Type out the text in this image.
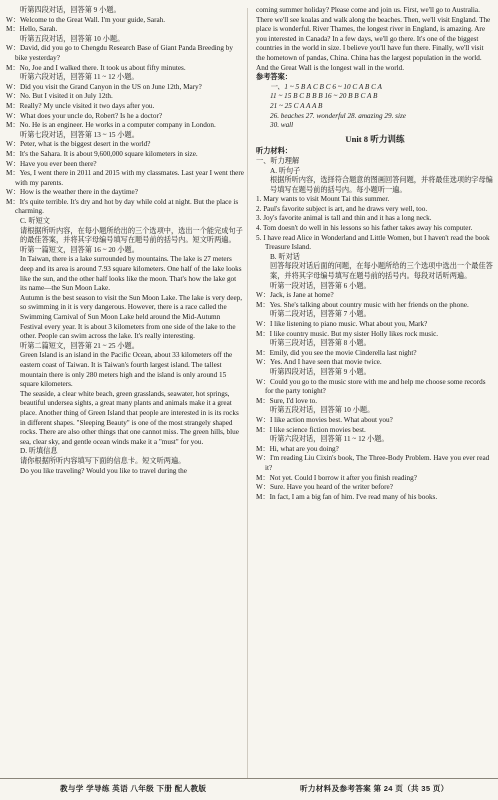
听第四段对话，回答第 9 小题。

W：Welcome to the Great Wall. I'm your guide, Sarah.

M：Hello, Sarah.

听第五段对话，回答第 10 小题。

W：David, did you go to Chengdu Research Base of Giant Panda Breeding by bike yesterday?

M：No, Joe and I walked there. It took us about fifty minutes.

听第六段对话，回答第 11 ~ 12 小题。

W：Did you visit the Grand Canyon in the US on June 12th, Mary?

W：No. But I visited it on July 12th.

M：Really? My uncle visited it two days after you.

W：What does your uncle do, Robert? Is he a doctor?

M：No. He is an engineer. He works in a computer company in London.

听第七段对话，回答第 13 ~ 15 小题。

W：Peter, what is the biggest desert in the world?

M：It's the Sahara. It is about 9,600,000 square kilometers in size.

W：Have you ever been there?

M：Yes, I went there in 2011 and 2015 with my classmates. Last year I went there with my parents.

W：How is the weather there in the daytime?

M：It's quite terrible. It's dry and hot by day while cold at night. But the place is charming.

C. 听短文

请根据所听内容，在每小题所给出的三个选项中，选出一个能完成句子的最佳答案，并将其字母编号填写在题号前的括号内。短文听两遍。

听第一篇短文，回答第 16 ~ 20 小题。

In Taiwan, there is a lake surrounded by mountains. The lake is 27 meters deep and its area is around 7.93 square kilometers. One half of the lake looks like the sun, and the other half looks like the moon. That's how the lake got its name—the Sun Moon Lake.

Autumn is the best season to visit the Sun Moon Lake. The lake is very deep, so swimming in it is very dangerous. However, there is a race called the Swimming Carnival of Sun Moon Lake held around the Mid-Autumn Festival every year. It is about 3 kilometers from one side of the lake to the other. People can swim across the lake. It's really interesting.

听第二篇短文，回答第 21 ~ 25 小题。

Green Island is an island in the Pacific Ocean, about 33 kilometers off the eastern coast of Taiwan. It is Taiwan's fourth largest island. The tallest mountain there is only 280 meters high and the island is only around 15 square kilometers.

The seaside, a clear white beach, green grasslands, seawater, hot springs, beautiful undersea sights, a great many plants and animals make it a great place. Another thing of Green Island that people are interested in is its rocks in different shapes. "Sleeping Beauty" is one of the most strangely shaped rocks. There are also other things that one cannot miss. The green hills, blue sea, clear sky, and gentle ocean winds make it a "must" for you.

D. 听填信息

请你根据所听内容填写下面的信息卡。短文听两遍。

Do you like traveling? Would you like to travel during the

coming summer holiday? Please come and join us. First, we'll go to Australia. There we'll see koalas and walk along the beaches. Then, we'll visit England. The place is wonderful. River Thames, the longest river in England, is amazing. Are you interested in Canada? In a few days, we'll go there. It's one of the biggest countries in the world in size. I believe you'll have fun there. Finally, we'll visit the hometown of pandas, China. China has the largest population in the world. And the Great Wall is the longest wall in the world.

参考答案：

一、1 ~ 5 B A C B C 6 ~ 10 C A B C A

11 ~ 15 B C B B B 16 ~ 20 B B C A B

21 ~ 25 C A A A B

26. beaches 27. wonderful 28. amazing 29. size

30. wall

Unit 8 听力训练

听力材料：

一、听力理解

A. 听句子

根据所听内容，选择符合题意的图画回答问题，并将最佳选项的字母编号填写在题号前的括号内。每小题听一遍。

1. Mary wants to visit Mount Tai this summer.

2. Paul's favorite subject is art, and he draws very well, too.

3. Joy's favorite animal is tall and thin and it has a long neck.

4. Tom doesn't do well in his lessons so his father takes away his computer.

5. I have read Alice in Wonderland and Little Women, but I haven't read the book Treasure Island.

B. 听对话

回答每段对话后面的问题，在每小题所给的三个选项中选出一个最佳答案，并将其字母编号填写在题号前的括号内。每段对话听两遍。

听第一段对话，回答第 6 小题。

W：Jack, is Jane at home?

M：Yes. She's talking about country music with her friends on the phone.

听第二段对话，回答第 7 小题。

W：I like listening to piano music. What about you, Mark?

M：I like country music. But my sister Holly likes rock music.

听第三段对话，回答第 8 小题。

M：Emily, did you see the movie Cinderella last night?

W：Yes. And I have seen that movie twice.

听第四段对话，回答第 9 小题。

W：Could you go to the music store with me and help me choose some records for the party tonight?

M：Sure, I'd love to.

听第五段对话，回答第 10 小题。

W：I like action movies best. What about you?

M：I like science fiction movies best.

听第六段对话，回答第 11 ~ 12 小题。

M：Hi, what are you doing?

W：I'm reading Liu Cixin's book, The Three-Body Problem. Have you ever read it?

M：Not yet. Could I borrow it after you finish reading?

W：Sure. Have you heard of the writer before?

M：In fact, I am a big fan of him. I've read many of his books.

教与学 学导练 英语 八年级 下册 配人教版	听力材料及参考答案 第 24 页（共 35 页）
